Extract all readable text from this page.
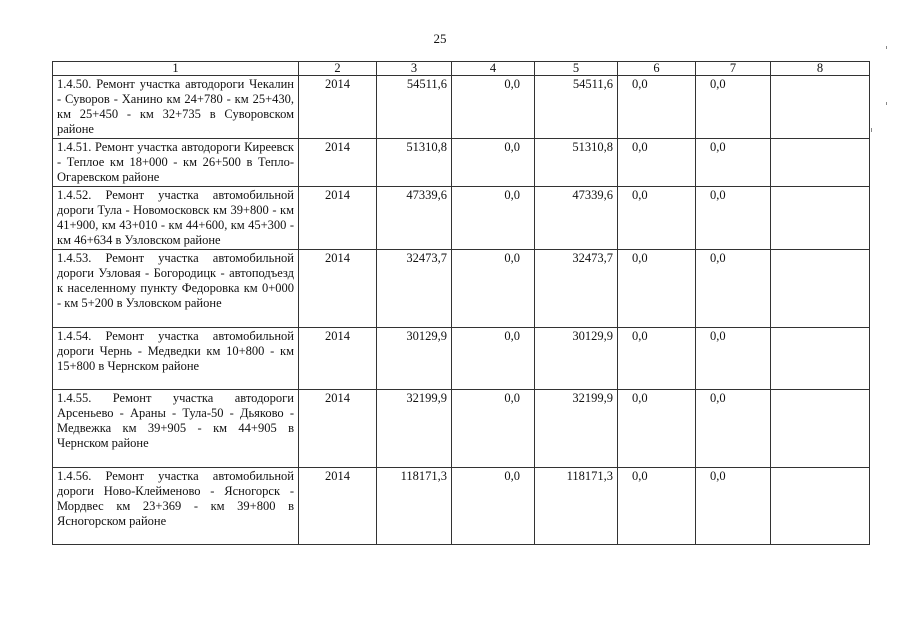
25
1	2	3	4	5	6	7	8
1.4.50. Ремонт участка автодороги Чекалин - Суворов - Ханино км 24+780 - км 25+430, км 25+450 - км 32+735 в Суворовском районе	2014	54511,6	0,0	54511,6	0,0	0,0	
1.4.51. Ремонт участка автодороги Киреевск - Теплое км 18+000 - км 26+500 в Тепло-Огаревском районе	2014	51310,8	0,0	51310,8	0,0	0,0	
1.4.52. Ремонт участка автомобильной дороги Тула - Новомосковск км 39+800 - км 41+900, км 43+010 - км 44+600, км 45+300 - км 46+634 в Узловском районе	2014	47339,6	0,0	47339,6	0,0	0,0	
1.4.53. Ремонт участка автомобильной дороги Узловая - Богородицк - автоподъезд к населенному пункту Федоровка км 0+000 - км 5+200 в Узловском районе	2014	32473,7	0,0	32473,7	0,0	0,0	
1.4.54. Ремонт участка автомобильной дороги Чернь - Медведки км 10+800 - км 15+800 в Чернском районе	2014	30129,9	0,0	30129,9	0,0	0,0	
1.4.55. Ремонт участка автодороги Арсеньево - Араны - Тула-50 - Дьяково - Медвежка км 39+905 - км 44+905 в Чернском районе	2014	32199,9	0,0	32199,9	0,0	0,0	
1.4.56. Ремонт участка автомобильной дороги Ново-Клейменово - Ясногорск - Мордвес км 23+369 - км 39+800 в Ясногорском районе	2014	118171,3	0,0	118171,3	0,0	0,0	
